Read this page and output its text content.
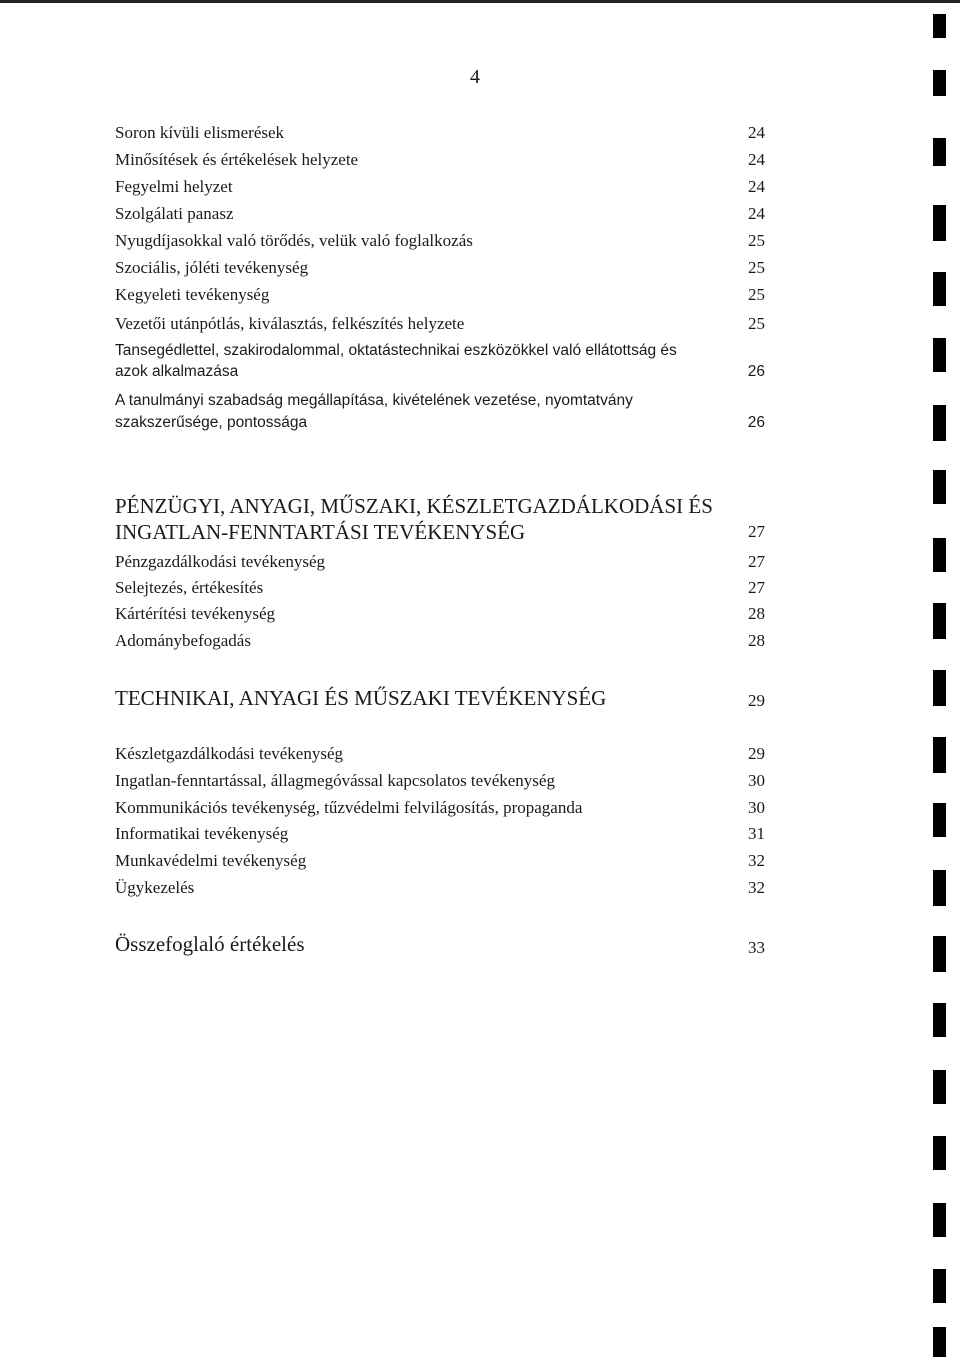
4
Soron kívüli elismerések	24
Minősítések és értékelések helyzete	24
Fegyelmi helyzet	24
Szolgálati panasz	24
Nyugdíjasokkal való törődés, velük való foglalkozás	25
Szociális, jóléti tevékenység	25
Kegyeleti tevékenység	25
Vezetői utánpótlás, kiválasztás, felkészítés helyzete	25
Tansegédlettel, szakirodalommal, oktatástechnikai eszközökkel való ellátottság és
azok alkalmazása	26
A tanulmányi szabadság megállapítása, kivételének vezetése, nyomtatvány
szakszerűsége, pontossága	26
PÉNZÜGYI, ANYAGI, MŰSZAKI, KÉSZLETGAZDÁLKODÁSI ÉS
INGATLAN-FENNTARTÁSI TEVÉKENYSÉG	27
Pénzgazdálkodási tevékenység	27
Selejtezés, értékesítés	27
Kártérítési tevékenység	28
Adománybefogadás	28
TECHNIKAI, ANYAGI ÉS MŰSZAKI TEVÉKENYSÉG	29
Készletgazdálkodási tevékenység	29
Ingatlan-fenntartással, állagmegóvással kapcsolatos tevékenység	30
Kommunikációs tevékenység, tűzvédelmi felvilágosítás, propaganda	30
Informatikai tevékenység	31
Munkavédelmi tevékenység	32
Ügykezelés	32
Összefoglaló értékelés	33
